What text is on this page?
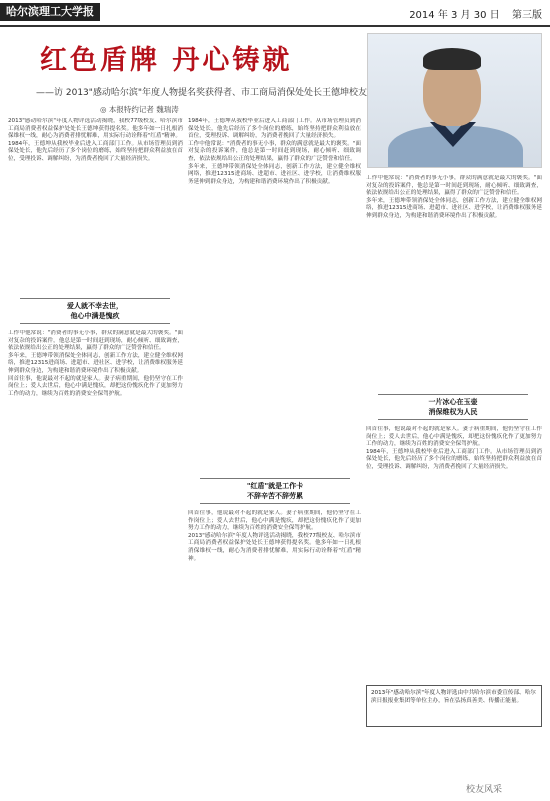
哈尔滨理工大学报	2014 年 3 月 30 日 第三版
红色盾牌 丹心铸就
——访 2013"感动哈尔滨"年度人物提名奖获得者、市工商局消保处处长王德坤校友
◎ 本报特约记者 魏瑞涛
2013"感动哈尔滨"年度人物评选活动揭晓，我校77级校友、哈尔滨市工商局消费者权益保护处处长王德坤获得提名奖。他多年如一日扎根消保维权一线，耐心为消费者排忧解难，用实际行动诠释着"红盾"精神。
1984年，王德坤从我校毕业后进入工商部门工作。从市场管理员到消保处处长，他先后经历了多个岗位的磨练，始终坚持把群众利益放在首位，受理投诉、调解纠纷，为消费者挽回了大量经济损失。
爱人就不幸去世，
他心中满是愧疚
工作中他常说："消费者的事无小事，群众的满意就是最大的褒奖。"面对复杂的投诉案件，他总是第一时间赶到现场，耐心倾听、细致调查，依法依规给出公正的处理结果，赢得了群众的广泛赞誉和信任。
多年来，王德坤带领消保处全体同志，创新工作方法，建立健全维权网络，推进12315进商场、进超市、进社区、进学校，让消费维权服务延伸到群众身边，为构建和谐消费环境作出了积极贡献。
回首往事，他说最对不起的就是家人。妻子病重期间，他仍坚守在工作岗位上；爱人去世后，他心中满是愧疚，却把这份愧疚化作了更加努力工作的动力，继续为百姓的消费安全保驾护航。
1984年，王德坤从我校毕业后进入工商部门工作。从市场管理员到消保处处长，他先后经历了多个岗位的磨练，始终坚持把群众利益放在首位，受理投诉、调解纠纷，为消费者挽回了大量经济损失。
工作中他常说："消费者的事无小事，群众的满意就是最大的褒奖。"面对复杂的投诉案件，他总是第一时间赶到现场，耐心倾听、细致调查，依法依规给出公正的处理结果，赢得了群众的广泛赞誉和信任。
多年来，王德坤带领消保处全体同志，创新工作方法，建立健全维权网络，推进12315进商场、进超市、进社区、进学校，让消费维权服务延伸到群众身边，为构建和谐消费环境作出了积极贡献。
"红盾"就是工作卡
不辞辛苦不辞劳累
回首往事，他说最对不起的就是家人。妻子病重期间，他仍坚守在工作岗位上；爱人去世后，他心中满是愧疚，却把这份愧疚化作了更加努力工作的动力，继续为百姓的消费安全保驾护航。
2013"感动哈尔滨"年度人物评选活动揭晓，我校77级校友、哈尔滨市工商局消费者权益保护处处长王德坤获得提名奖。他多年如一日扎根消保维权一线，耐心为消费者排忧解难，用实际行动诠释着"红盾"精神。
工作中他常说："消费者的事无小事，群众的满意就是最大的褒奖。"面对复杂的投诉案件，他总是第一时间赶到现场，耐心倾听、细致调查，依法依规给出公正的处理结果，赢得了群众的广泛赞誉和信任。
多年来，王德坤带领消保处全体同志，创新工作方法，建立健全维权网络，推进12315进商场、进超市、进社区、进学校，让消费维权服务延伸到群众身边，为构建和谐消费环境作出了积极贡献。
一片冰心在玉壶
消保维权为人民
回首往事，他说最对不起的就是家人。妻子病重期间，他仍坚守在工作岗位上；爱人去世后，他心中满是愧疚，却把这份愧疚化作了更加努力工作的动力，继续为百姓的消费安全保驾护航。
1984年，王德坤从我校毕业后进入工商部门工作。从市场管理员到消保处处长，他先后经历了多个岗位的磨练，始终坚持把群众利益放在首位，受理投诉、调解纠纷，为消费者挽回了大量经济损失。
2013年"感动哈尔滨"年度人物评选由中共哈尔滨市委宣传部、哈尔滨日报报业集团等单位主办，旨在弘扬真善美、传播正能量。
校友风采
